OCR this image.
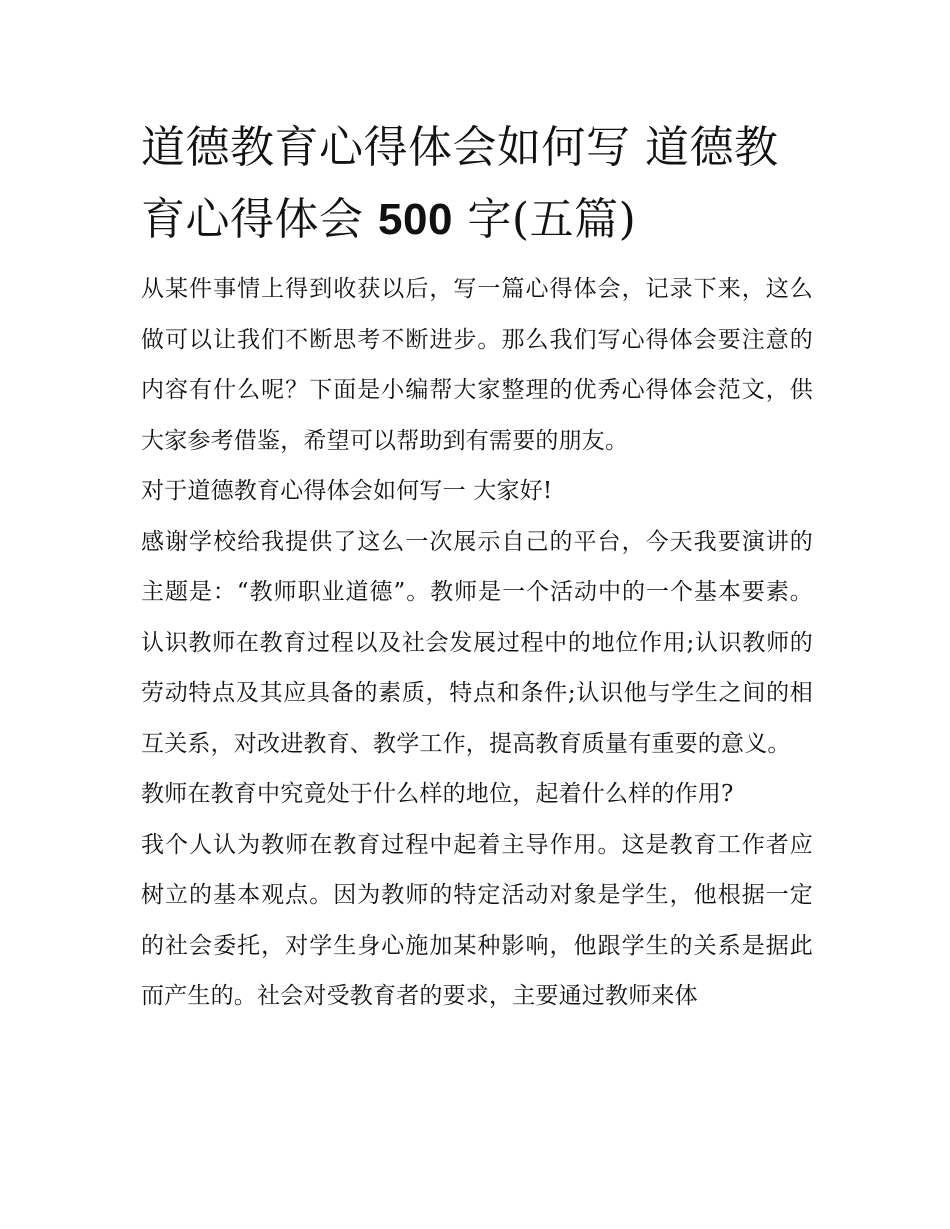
道德教育心得体会如何写 道德教育心得体会 500 字(五篇)

从某件事情上得到收获以后，写一篇心得体会，记录下来，这么做可以让我们不断思考不断进步。那么我们写心得体会要注意的内容有什么呢？下面是小编帮大家整理的优秀心得体会范文，供大家参考借鉴，希望可以帮助到有需要的朋友。

对于道德教育心得体会如何写一 大家好!

感谢学校给我提供了这么一次展示自己的平台，今天我要演讲的主题是：“教师职业道德”。教师是一个活动中的一个基本要素。认识教师在教育过程以及社会发展过程中的地位作用;认识教师的劳动特点及其应具备的素质，特点和条件;认识他与学生之间的相互关系，对改进教育、教学工作，提高教育质量有重要的意义。

教师在教育中究竟处于什么样的地位，起着什么样的作用?

我个人认为教师在教育过程中起着主导作用。这是教育工作者应树立的基本观点。因为教师的特定活动对象是学生，他根据一定的社会委托，对学生身心施加某种影响，他跟学生的关系是据此而产生的。社会对受教育者的要求，主要通过教师来体
